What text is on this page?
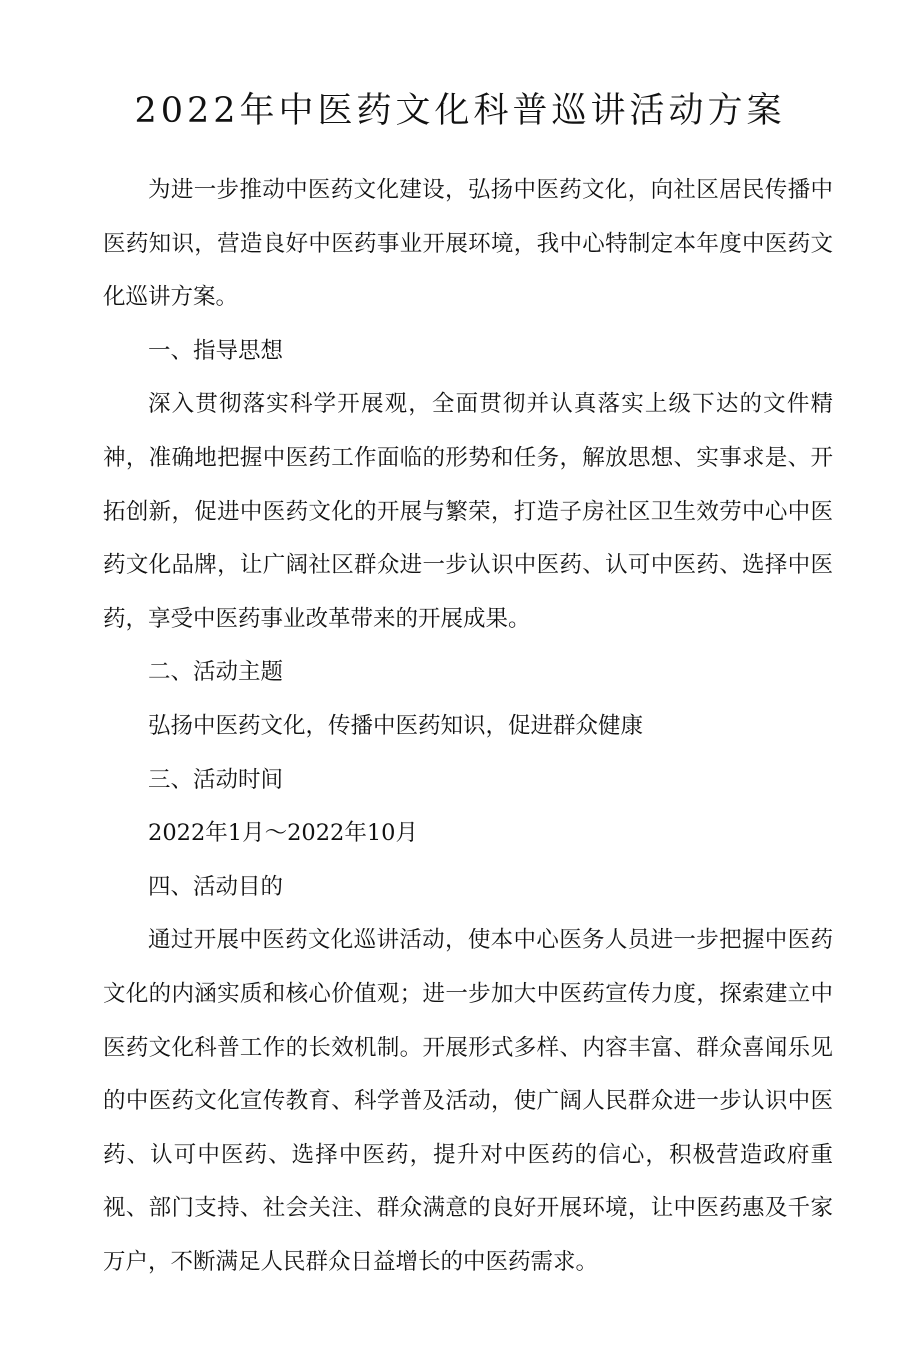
2022年中医药文化科普巡讲活动方案

为进一步推动中医药文化建设，弘扬中医药文化，向社区居民传播中医药知识，营造良好中医药事业开展环境，我中心特制定本年度中医药文化巡讲方案。

一、指导思想

深入贯彻落实科学开展观，全面贯彻并认真落实上级下达的文件精神，准确地把握中医药工作面临的形势和任务，解放思想、实事求是、开拓创新，促进中医药文化的开展与繁荣，打造子房社区卫生效劳中心中医药文化品牌，让广阔社区群众进一步认识中医药、认可中医药、选择中医药，享受中医药事业改革带来的开展成果。

二、活动主题

弘扬中医药文化，传播中医药知识，促进群众健康

三、活动时间

2022年1月～2022年10月

四、活动目的

通过开展中医药文化巡讲活动，使本中心医务人员进一步把握中医药文化的内涵实质和核心价值观；进一步加大中医药宣传力度，探索建立中医药文化科普工作的长效机制。开展形式多样、内容丰富、群众喜闻乐见的中医药文化宣传教育、科学普及活动，使广阔人民群众进一步认识中医药、认可中医药、选择中医药，提升对中医药的信心，积极营造政府重视、部门支持、社会关注、群众满意的良好开展环境，让中医药惠及千家万户，不断满足人民群众日益增长的中医药需求。
